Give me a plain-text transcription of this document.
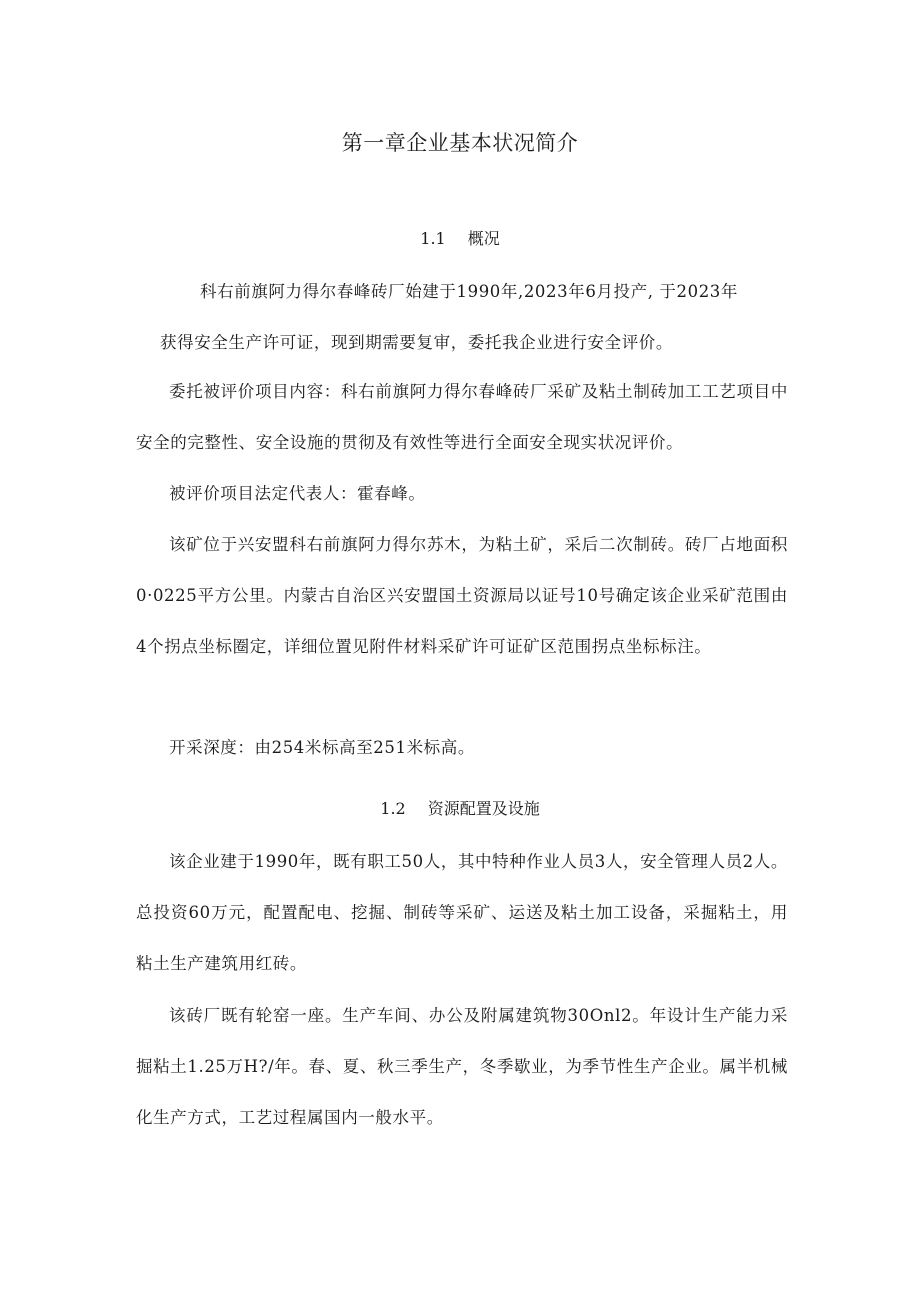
第一章企业基本状况简介
1.1 概况

科右前旗阿力得尔春峰砖厂始建于1990年,2023年6月投产, 于2023年
获得安全生产许可证，现到期需要复审，委托我企业进行安全评价。

委托被评价项目内容：科右前旗阿力得尔春峰砖厂采矿及粘土制砖加工工艺项目中安全的完整性、安全设施的贯彻及有效性等进行全面安全现实状况评价。

被评价项目法定代表人：霍春峰。

该矿位于兴安盟科右前旗阿力得尔苏木，为粘土矿，采后二次制砖。砖厂占地面积0·0225平方公里。内蒙古自治区兴安盟国土资源局以证号10号确定该企业采矿范围由4个拐点坐标圈定，详细位置见附件材料采矿许可证矿区范围拐点坐标标注。

开采深度：由254米标高至251米标高。

1.2 资源配置及设施

该企业建于1990年，既有职工50人，其中特种作业人员3人，安全管理人员2人。总投资60万元，配置配电、挖掘、制砖等采矿、运送及粘土加工设备，采掘粘土，用粘土生产建筑用红砖。

该砖厂既有轮窑一座。生产车间、办公及附属建筑物30Onl2。年设计生产能力采掘粘土1.25万H?/年。春、夏、秋三季生产，冬季歇业，为季节性生产企业。属半机械化生产方式，工艺过程属国内一般水平。
